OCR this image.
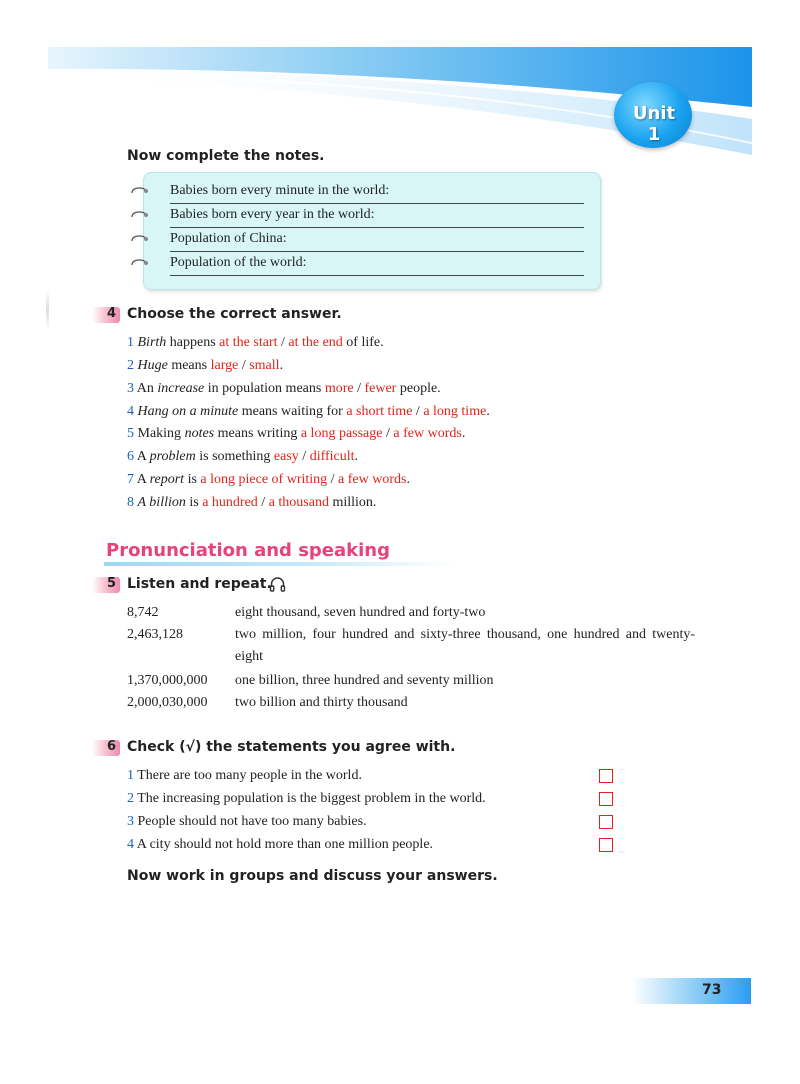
Unit 1
Now complete the notes.
Babies born every minute in the world:
Babies born every year in the world:
Population of China:
Population of the world:
4 Choose the correct answer.
1 Birth happens at the start / at the end of life.
2 Huge means large / small.
3 An increase in population means more / fewer people.
4 Hang on a minute means waiting for a short time / a long time.
5 Making notes means writing a long passage / a few words.
6 A problem is something easy / difficult.
7 A report is a long piece of writing / a few words.
8 A billion is a hundred / a thousand million.
Pronunciation and speaking
5 Listen and repeat.
8,742	eight thousand, seven hundred and forty-two
2,463,128	two million, four hundred and sixty-three thousand, one hundred and twenty-eight
1,370,000,000	one billion, three hundred and seventy million
2,000,030,000	two billion and thirty thousand
6 Check (√) the statements you agree with.
1 There are too many people in the world.
2 The increasing population is the biggest problem in the world.
3 People should not have too many babies.
4 A city should not hold more than one million people.
Now work in groups and discuss your answers.
73
